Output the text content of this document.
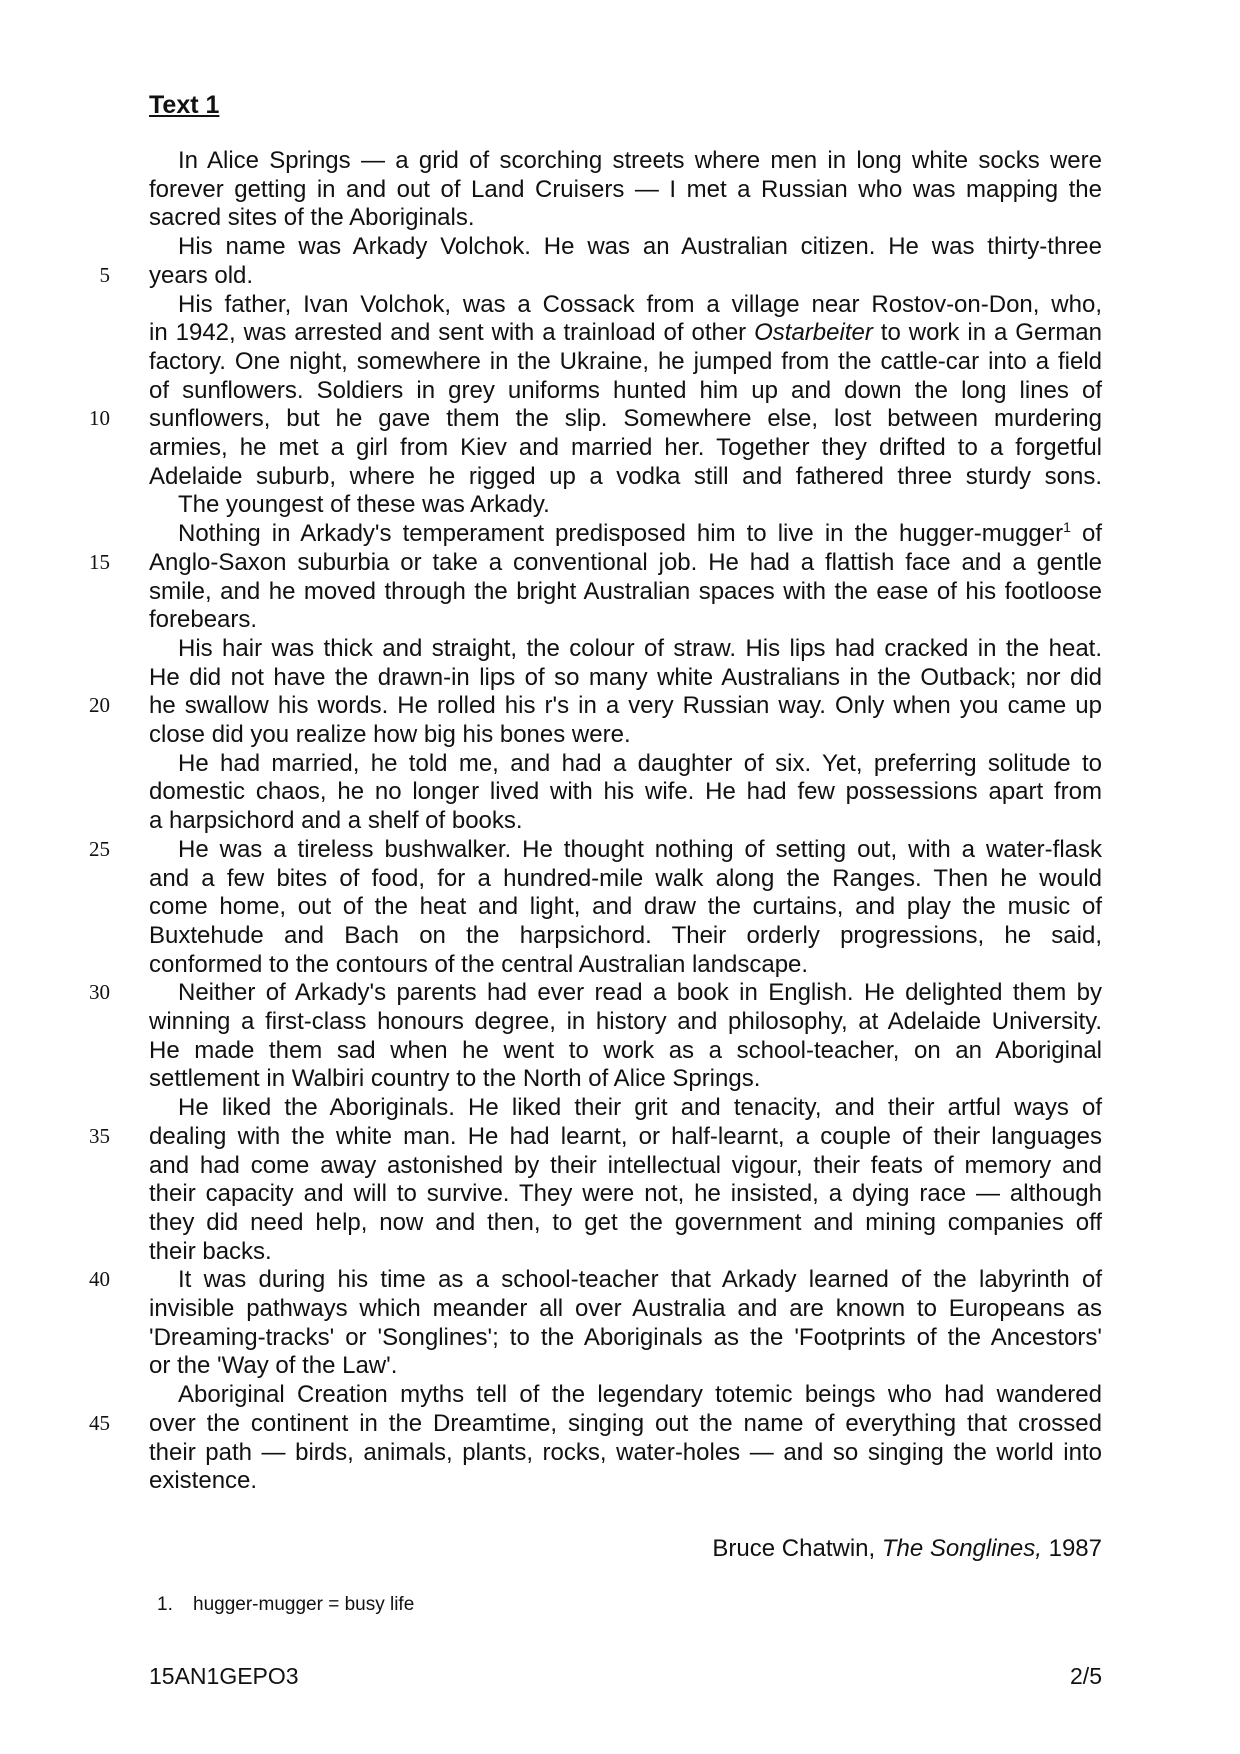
Text 1
In Alice Springs — a grid of scorching streets where men in long white socks were
forever getting in and out of Land Cruisers — I met a Russian who was mapping the
sacred sites of the Aboriginals.
His name was Arkady Volchok. He was an Australian citizen. He was thirty-three
years old.
5
His father, Ivan Volchok, was a Cossack from a village near Rostov-on-Don, who,
in 1942, was arrested and sent with a trainload of other Ostarbeiter to work in a German
factory. One night, somewhere in the Ukraine, he jumped from the cattle-car into a field
of sunflowers. Soldiers in grey uniforms hunted him up and down the long lines of
sunflowers, but he gave them the slip. Somewhere else, lost between murdering
10
armies, he met a girl from Kiev and married her. Together they drifted to a forgetful
Adelaide suburb, where he rigged up a vodka still and fathered three sturdy sons.
The youngest of these was Arkady.
Nothing in Arkady's temperament predisposed him to live in the hugger-mugger$^1$ of
Anglo-Saxon suburbia or take a conventional job. He had a flattish face and a gentle
15
smile, and he moved through the bright Australian spaces with the ease of his footloose
forebears.
His hair was thick and straight, the colour of straw. His lips had cracked in the heat.
He did not have the drawn-in lips of so many white Australians in the Outback; nor did
he swallow his words. He rolled his r's in a very Russian way. Only when you came up
20
close did you realize how big his bones were.
He had married, he told me, and had a daughter of six. Yet, preferring solitude to
domestic chaos, he no longer lived with his wife. He had few possessions apart from
a harpsichord and a shelf of books.
He was a tireless bushwalker. He thought nothing of setting out, with a water-flask
25
and a few bites of food, for a hundred-mile walk along the Ranges. Then he would
come home, out of the heat and light, and draw the curtains, and play the music of
Buxtehude and Bach on the harpsichord. Their orderly progressions, he said,
conformed to the contours of the central Australian landscape.
Neither of Arkady's parents had ever read a book in English. He delighted them by
30
winning a first-class honours degree, in history and philosophy, at Adelaide University.
He made them sad when he went to work as a school-teacher, on an Aboriginal
settlement in Walbiri country to the North of Alice Springs.
He liked the Aboriginals. He liked their grit and tenacity, and their artful ways of
dealing with the white man. He had learnt, or half-learnt, a couple of their languages
35
and had come away astonished by their intellectual vigour, their feats of memory and
their capacity and will to survive. They were not, he insisted, a dying race — although
they did need help, now and then, to get the government and mining companies off
their backs.
It was during his time as a school-teacher that Arkady learned of the labyrinth of
40
invisible pathways which meander all over Australia and are known to Europeans as
'Dreaming-tracks' or 'Songlines'; to the Aboriginals as the 'Footprints of the Ancestors'
or the 'Way of the Law'.
Aboriginal Creation myths tell of the legendary totemic beings who had wandered
over the continent in the Dreamtime, singing out the name of everything that crossed
45
their path — birds, animals, plants, rocks, water-holes — and so singing the world into
existence.
Bruce Chatwin, The Songlines, 1987
1. hugger-mugger = busy life
15AN1GEPO3	2/5
